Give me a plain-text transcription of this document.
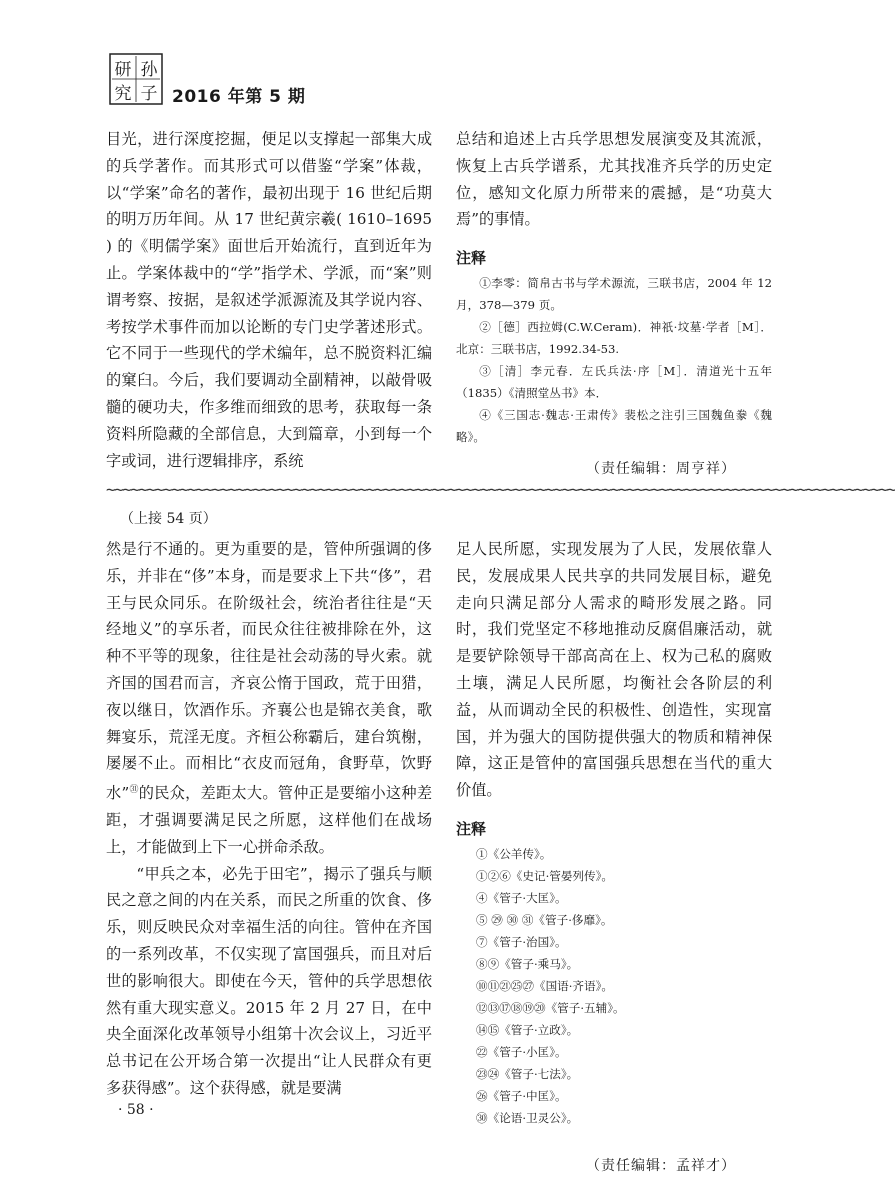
研 孙
究 子 2016 年第 5 期

目光，进行深度挖掘，便足以支撑起一部集大成的兵学著作。而其形式可以借鉴“学案”体裁，以“学案”命名的著作，最初出现于 16 世纪后期的明万历年间。从 17 世纪黄宗羲( 1610–1695 ) 的《明儒学案》面世后开始流行，直到近年为止。学案体裁中的“学”指学术、学派，而“案”则谓考察、按据，是叙述学派源流及其学说内容、考按学术事件而加以论断的专门史学著述形式。它不同于一些现代的学术编年，总不脱资料汇编的窠臼。今后，我们要调动全副精神，以敲骨吸髓的硬功夫，作多维而细致的思考，获取每一条资料所隐藏的全部信息，大到篇章，小到每一个字或词，进行逻辑排序，系统

总结和追述上古兵学思想发展演变及其流派，恢复上古兵学谱系，尤其找准齐兵学的历史定位，感知文化原力所带来的震撼，是“功莫大焉”的事情。

注释
①李零：简帛古书与学术源流，三联书店，2004 年 12 月，378—379 页。
②［德］西拉姆(C.W.Ceram)．神祇·坟墓·学者［M］．北京：三联书店，1992.34-53.
③［清］李元春．左氏兵法·序［M］．清道光十五年（1835）《清照堂丛书》本．
④《三国志·魏志·王肃传》裴松之注引三国魏鱼豢《魏略》。
（责任编辑：周亨祥）
~~~~~~~~~~~~~~~~~~~~~~~~~~~~~~~~~~~~~~~~~~~~~~~~~~~~~~~~~~~~~~~~~~~~~~~~~~~~~~~~~~~~~~~~~~~~~~~~~
（上接 54 页）

然是行不通的。更为重要的是，管仲所强调的侈乐，并非在“侈”本身，而是要求上下共“侈”，君王与民众同乐。在阶级社会，统治者往往是“天经地义”的享乐者，而民众往往被排除在外，这种不平等的现象，往往是社会动荡的导火索。就齐国的国君而言，齐哀公惰于国政，荒于田猎，夜以继日，饮酒作乐。齐襄公也是锦衣美食，歌舞宴乐，荒淫无度。齐桓公称霸后，建台筑榭，屡屡不止。而相比“衣皮而冠角，食野草，饮野水”$^㉛$的民众，差距太大。管仲正是要缩小这种差距，才强调要满足民之所愿，这样他们在战场上，才能做到上下一心拼命杀敌。

“甲兵之本，必先于田宅”，揭示了强兵与顺民之意之间的内在关系，而民之所重的饮食、侈乐，则反映民众对幸福生活的向往。管仲在齐国的一系列改革，不仅实现了富国强兵，而且对后世的影响很大。即使在今天，管仲的兵学思想依然有重大现实意义。2015 年 2 月 27 日，在中央全面深化改革领导小组第十次会议上，习近平总书记在公开场合第一次提出“让人民群众有更多获得感”。这个获得感，就是要满

足人民所愿，实现发展为了人民，发展依靠人民，发展成果人民共享的共同发展目标，避免走向只满足部分人需求的畸形发展之路。同时，我们党坚定不移地推动反腐倡廉活动，就是要铲除领导干部高高在上、权为己私的腐败土壤，满足人民所愿，均衡社会各阶层的利益，从而调动全民的积极性、创造性，实现富国，并为强大的国防提供强大的物质和精神保障，这正是管仲的富国强兵思想在当代的重大价值。

注释
①《公羊传》。
①②⑥《史记·管晏列传》。
④《管子·大匡》。
⑤ ㉙ ㉚ ㉛《管子·侈靡》。
⑦《管子·治国》。
⑧⑨《管子·乘马》。
⑩⑪㉑㉕㉗《国语·齐语》。
⑫⑬⑰⑱⑲⑳《管子·五辅》。
⑭⑮《管子·立政》。
㉒《管子·小匡》。
㉓㉔《管子·七法》。
㉖《管子·中匡》。
㉚《论语·卫灵公》。
（责任编辑：孟祥才）
· 58 ·
